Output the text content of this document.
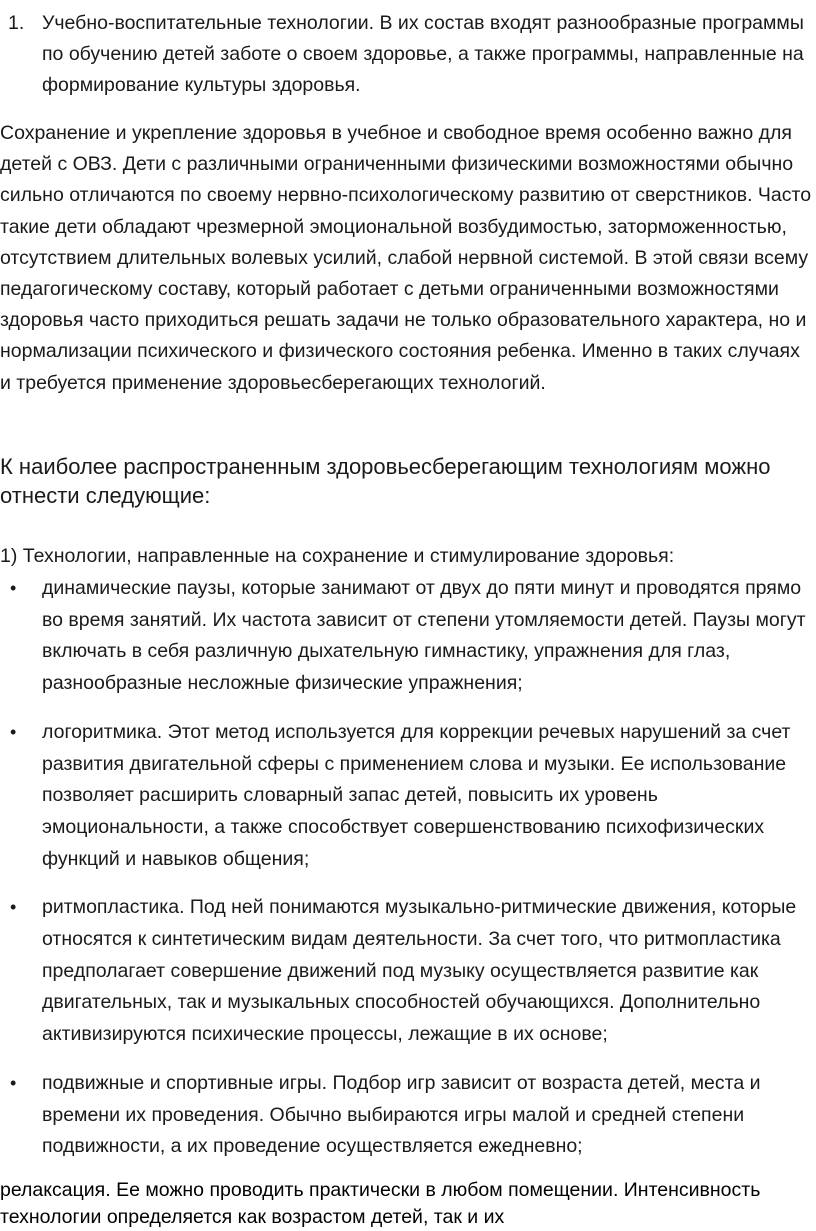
1. Учебно-воспитательные технологии. В их состав входят разнообразные программы по обучению детей заботе о своем здоровье, а также программы, направленные на формирование культуры здоровья.
Сохранение и укрепление здоровья в учебное и свободное время особенно важно для детей с ОВЗ. Дети с различными ограниченными физическими возможностями обычно сильно отличаются по своему нервно-психологическому развитию от сверстников. Часто такие дети обладают чрезмерной эмоциональной возбудимостью, заторможенностью, отсутствием длительных волевых усилий, слабой нервной системой. В этой связи всему педагогическому составу, который работает с детьми ограниченными возможностями здоровья часто приходиться решать задачи не только образовательного характера, но и нормализации психического и физического состояния ребенка. Именно в таких случаях и требуется применение здоровьесберегающих технологий.
К наиболее распространенным здоровьесберегающим технологиям можно отнести следующие:
1) Технологии, направленные на сохранение и стимулирование здоровья:
• динамические паузы, которые занимают от двух до пяти минут и проводятся прямо во время занятий. Их частота зависит от степени утомляемости детей. Паузы могут включать в себя различную дыхательную гимнастику, упражнения для глаз, разнообразные несложные физические упражнения;
• логоритмика. Этот метод используется для коррекции речевых нарушений за счет развития двигательной сферы с применением слова и музыки. Ее использование позволяет расширить словарный запас детей, повысить их уровень эмоциональности, а также способствует совершенствованию психофизических функций и навыков общения;
• ритмопластика. Под ней понимаются музыкально-ритмические движения, которые относятся к синтетическим видам деятельности. За счет того, что ритмопластика предполагает совершение движений под музыку осуществляется развитие как двигательных, так и музыкальных способностей обучающихся. Дополнительно активизируются психические процессы, лежащие в их основе;
• подвижные и спортивные игры. Подбор игр зависит от возраста детей, места и времени их проведения. Обычно выбираются игры малой и средней степени подвижности, а их проведение осуществляется ежедневно;
релаксация. Ее можно проводить практически в любом помещении. Интенсивность технологии определяется как возрастом детей, так и их
